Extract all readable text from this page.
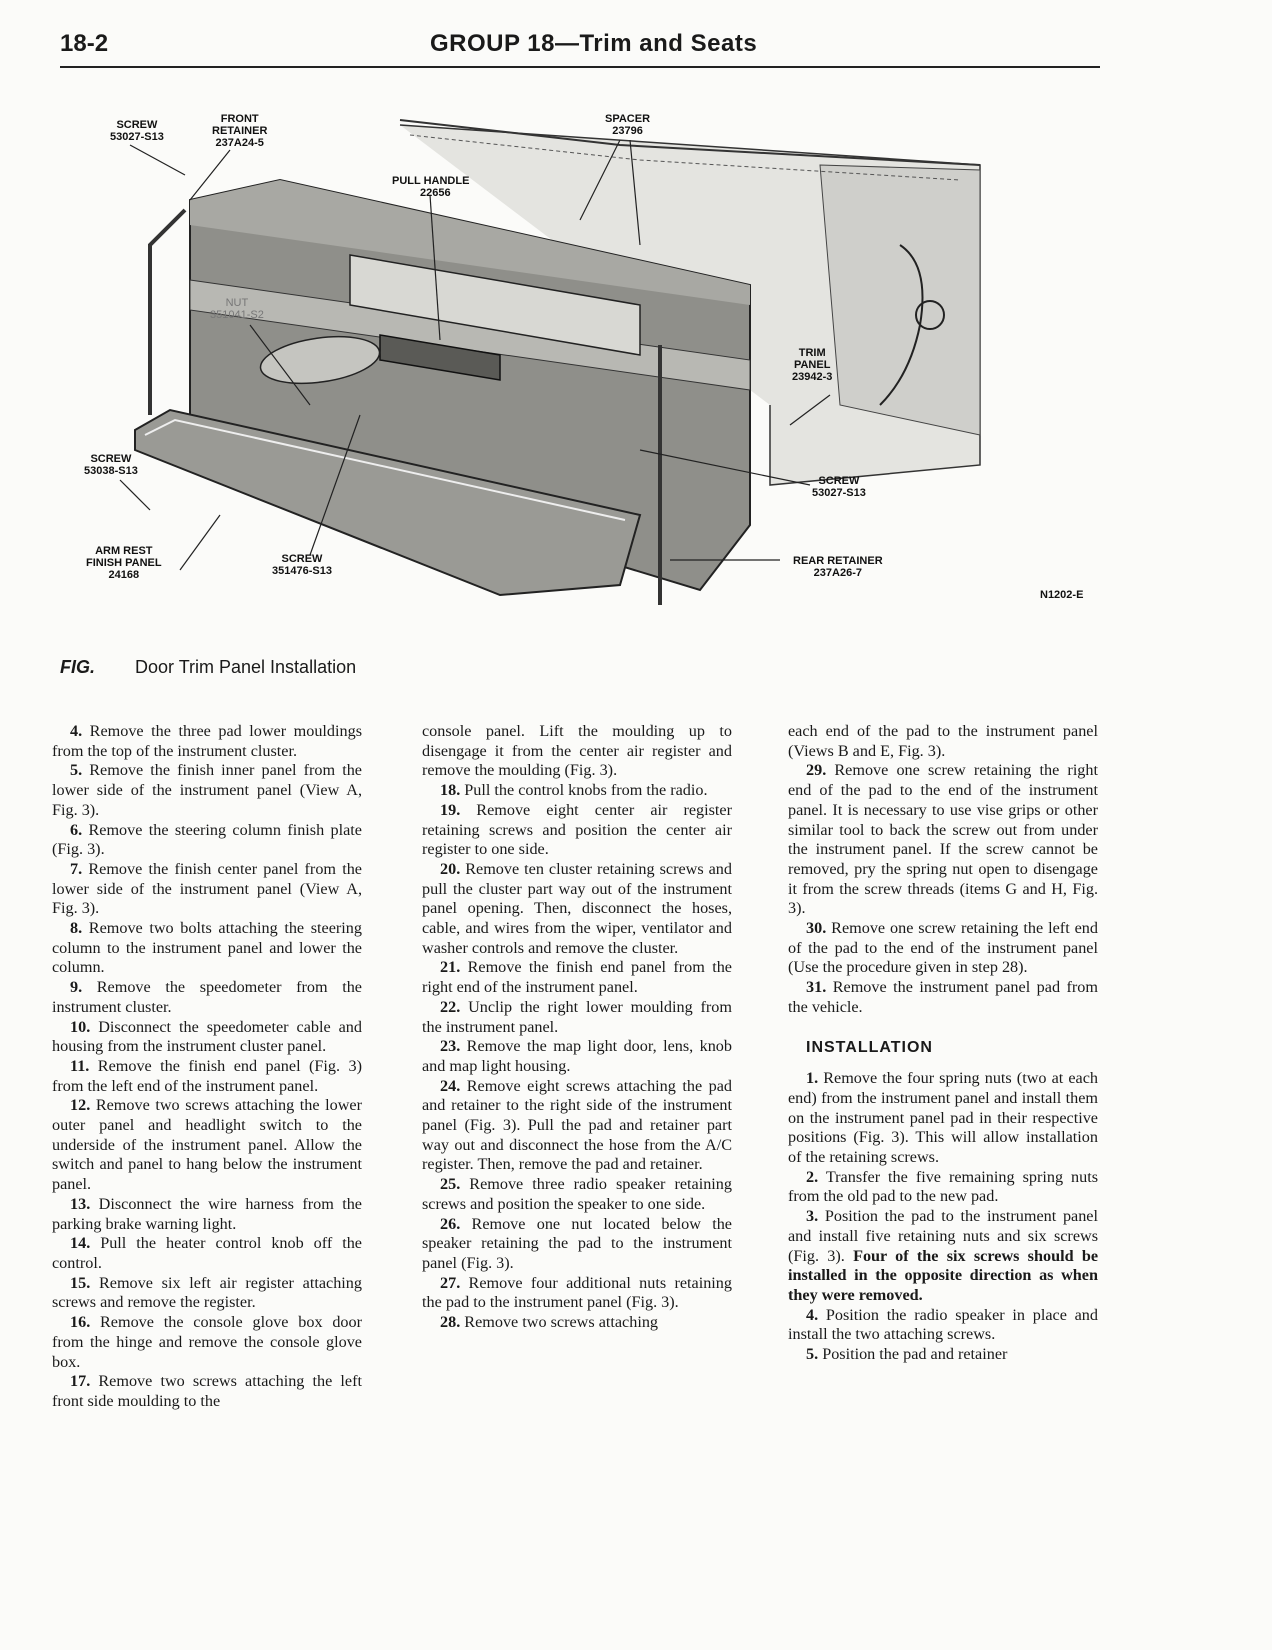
18-2	GROUP 18—Trim and Seats
SCREW
53027-S13
FRONT
RETAINER
237A24-5
SPACER
23796
PULL HANDLE
22656
NUT
351041-S2
TRIM
PANEL
23942-3
SCREW
53038-S13
SCREW
53027-S13
ARM REST
FINISH PANEL
24168
SCREW
351476-S13
REAR RETAINER
237A26-7
N1202-E
FIG. Door Trim Panel Installation

4. Remove the three pad lower mouldings from the top of the instrument cluster.

5. Remove the finish inner panel from the lower side of the instrument panel (View A, Fig. 3).

6. Remove the steering column finish plate (Fig. 3).

7. Remove the finish center panel from the lower side of the instrument panel (View A, Fig. 3).

8. Remove two bolts attaching the steering column to the instrument panel and lower the column.

9. Remove the speedometer from the instrument cluster.

10. Disconnect the speedometer cable and housing from the instrument cluster panel.

11. Remove the finish end panel (Fig. 3) from the left end of the instrument panel.

12. Remove two screws attaching the lower outer panel and headlight switch to the underside of the instrument panel. Allow the switch and panel to hang below the instrument panel.

13. Disconnect the wire harness from the parking brake warning light.

14. Pull the heater control knob off the control.

15. Remove six left air register attaching screws and remove the register.

16. Remove the console glove box door from the hinge and remove the console glove box.

17. Remove two screws attaching the left front side moulding to the

console panel. Lift the moulding up to disengage it from the center air register and remove the moulding (Fig. 3).

18. Pull the control knobs from the radio.

19. Remove eight center air register retaining screws and position the center air register to one side.

20. Remove ten cluster retaining screws and pull the cluster part way out of the instrument panel opening. Then, disconnect the hoses, cable, and wires from the wiper, ventilator and washer controls and remove the cluster.

21. Remove the finish end panel from the right end of the instrument panel.

22. Unclip the right lower moulding from the instrument panel.

23. Remove the map light door, lens, knob and map light housing.

24. Remove eight screws attaching the pad and retainer to the right side of the instrument panel (Fig. 3). Pull the pad and retainer part way out and disconnect the hose from the A/C register. Then, remove the pad and retainer.

25. Remove three radio speaker retaining screws and position the speaker to one side.

26. Remove one nut located below the speaker retaining the pad to the instrument panel (Fig. 3).

27. Remove four additional nuts retaining the pad to the instrument panel (Fig. 3).

28. Remove two screws attaching

each end of the pad to the instrument panel (Views B and E, Fig. 3).

29. Remove one screw retaining the right end of the pad to the end of the instrument panel. It is necessary to use vise grips or other similar tool to back the screw out from under the instrument panel. If the screw cannot be removed, pry the spring nut open to disengage it from the screw threads (items G and H, Fig. 3).

30. Remove one screw retaining the left end of the pad to the end of the instrument panel (Use the procedure given in step 28).

31. Remove the instrument panel pad from the vehicle.

INSTALLATION

1. Remove the four spring nuts (two at each end) from the instrument panel and install them on the instrument panel pad in their respective positions (Fig. 3). This will allow installation of the retaining screws.

2. Transfer the five remaining spring nuts from the old pad to the new pad.

3. Position the pad to the instrument panel and install five retaining nuts and six screws (Fig. 3). Four of the six screws should be installed in the opposite direction as when they were removed.

4. Position the radio speaker in place and install the two attaching screws.

5. Position the pad and retainer
